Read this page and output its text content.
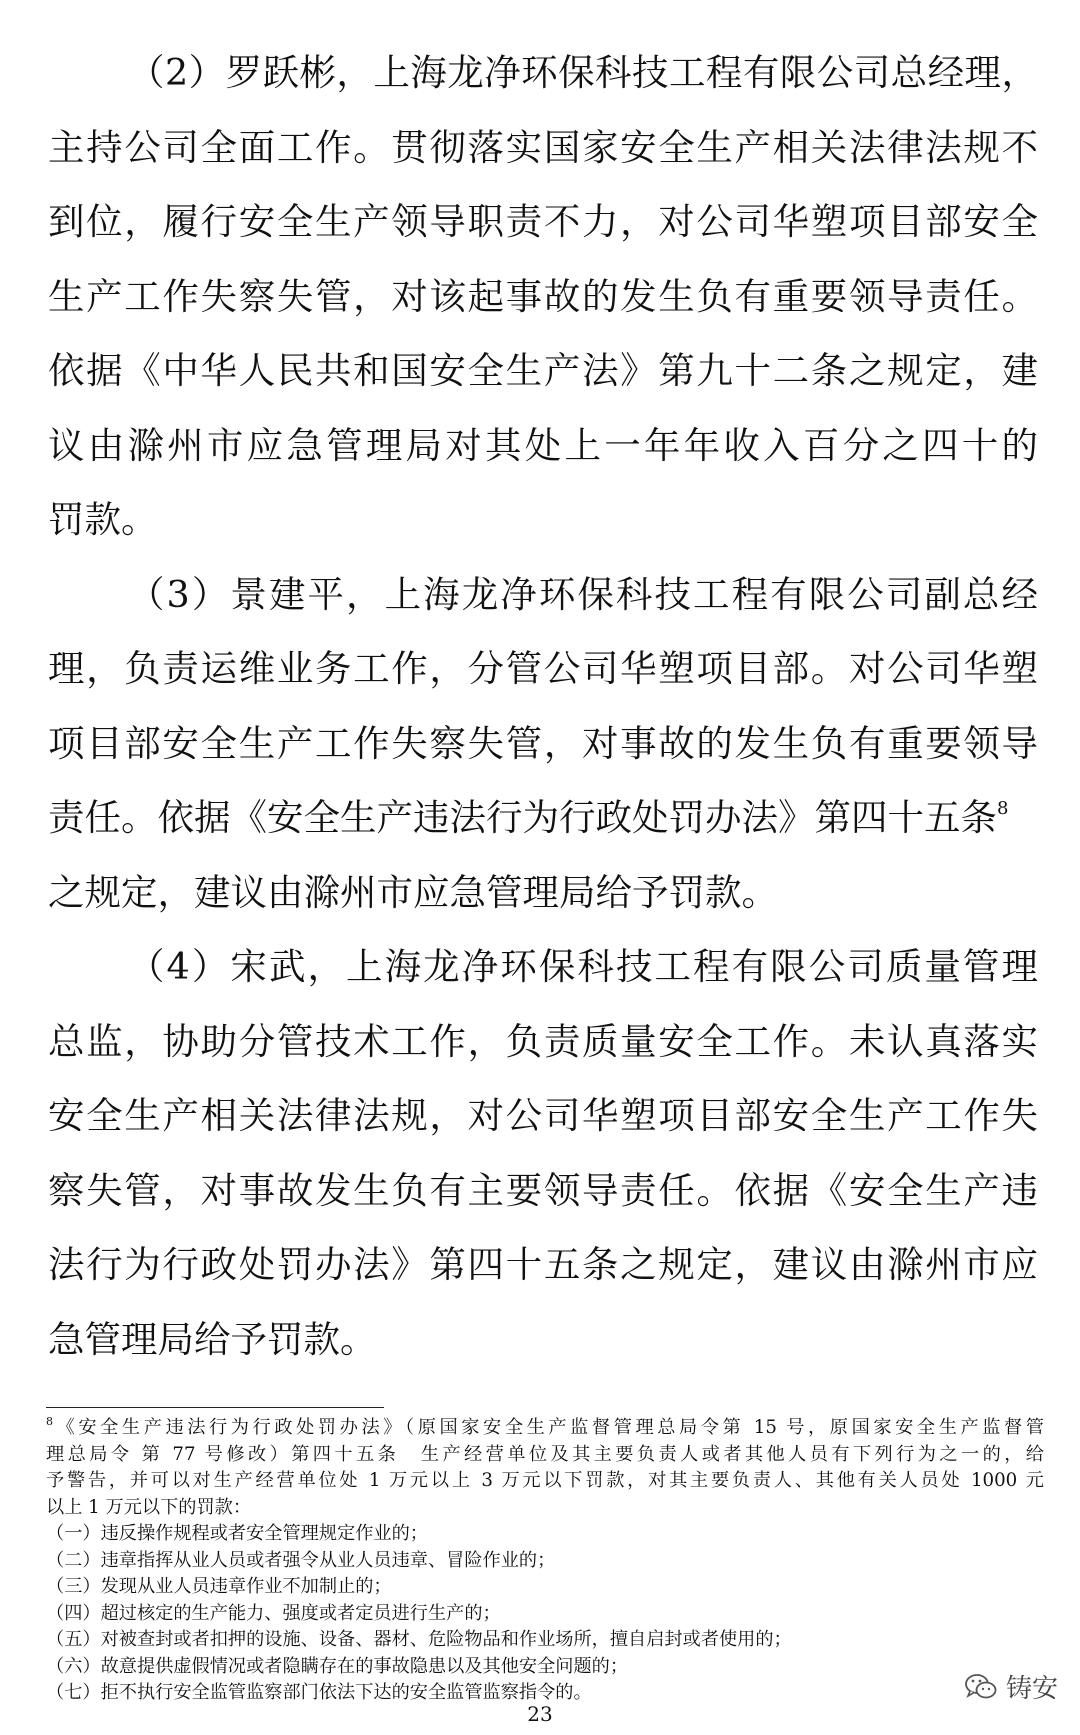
（2）罗跃彬，上海龙净环保科技工程有限公司总经理，
主持公司全面工作。贯彻落实国家安全生产相关法律法规不
到位，履行安全生产领导职责不力，对公司华塑项目部安全
生产工作失察失管，对该起事故的发生负有重要领导责任。
依据《中华人民共和国安全生产法》第九十二条之规定，建
议由滁州市应急管理局对其处上一年年收入百分之四十的
罚款。
（3）景建平，上海龙净环保科技工程有限公司副总经
理，负责运维业务工作，分管公司华塑项目部。对公司华塑
项目部安全生产工作失察失管，对事故的发生负有重要领导
责任。依据《安全生产违法行为行政处罚办法》第四十五条$^8$
之规定，建议由滁州市应急管理局给予罚款。
（4）宋武，上海龙净环保科技工程有限公司质量管理
总监，协助分管技术工作，负责质量安全工作。未认真落实
安全生产相关法律法规，对公司华塑项目部安全生产工作失
察失管，对事故发生负有主要领导责任。依据《安全生产违
法行为行政处罚办法》第四十五条之规定，建议由滁州市应
急管理局给予罚款。
$^8$《安全生产违法行为行政处罚办法》（原国家安全生产监督管理总局令第 15 号，原国家安全生产监督管
理总局令 第 77 号修改）第四十五条　生产经营单位及其主要负责人或者其他人员有下列行为之一的，给
予警告，并可以对生产经营单位处 1 万元以上 3 万元以下罚款，对其主要负责人、其他有关人员处 1000 元
以上 1 万元以下的罚款：
（一）违反操作规程或者安全管理规定作业的；
（二）违章指挥从业人员或者强令从业人员违章、冒险作业的；
（三）发现从业人员违章作业不加制止的；
（四）超过核定的生产能力、强度或者定员进行生产的；
（五）对被查封或者扣押的设施、设备、器材、危险物品和作业场所，擅自启封或者使用的；
（六）故意提供虚假情况或者隐瞒存在的事故隐患以及其他安全问题的；
（七）拒不执行安全监管监察部门依法下达的安全监管监察指令的。	铸安
23
